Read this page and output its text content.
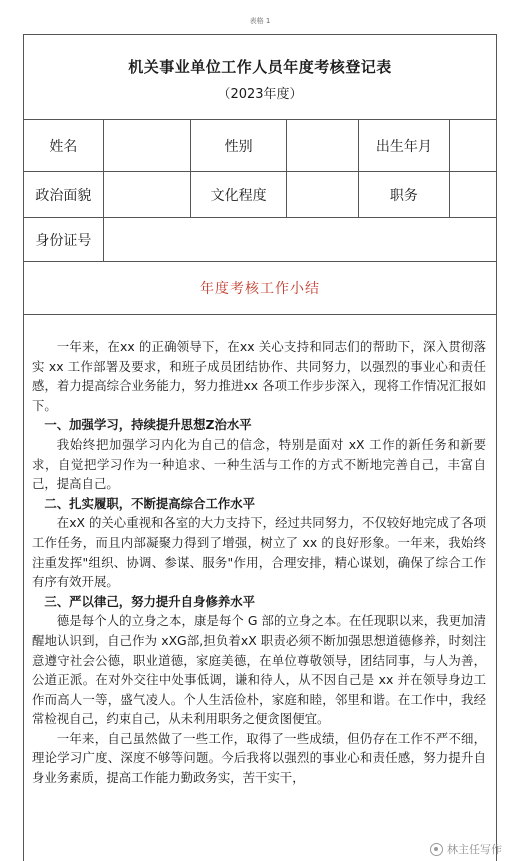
表格 1
机关事业单位工作人员年度考核登记表
（2023年度）
姓名	性别	出生年月
政治面貌	文化程度	职务
身份证号
年度考核工作小结

一年来，在xx 的正确领导下，在xx 关心支持和同志们的帮助下，深入贯彻落实 xx 工作部署及要求，和班子成员团结协作、共同努力，以强烈的事业心和责任感，着力提高综合业务能力，努力推进xx 各项工作步步深入，现将工作情况汇报如下。

一、加强学习，持续提升思想Z治水平

我始终把加强学习内化为自己的信念，特别是面对 xX 工作的新任务和新要求，自觉把学习作为一种追求、一种生活与工作的方式不断地完善自己，丰富自己，提高自己。

二、扎实履职，不断提高综合工作水平

在xX 的关心重视和各室的大力支持下，经过共同努力，不仅较好地完成了各项工作任务，而且内部凝聚力得到了增强，树立了 xx 的良好形象。一年来，我始终注重发挥"组织、协调、参谋、服务"作用，合理安排，精心谋划，确保了综合工作有序有效开展。

三、严以律己，努力提升自身修养水平

德是每个人的立身之本，康是每个 G 部的立身之本。在任现职以来，我更加清醒地认识到，自己作为 xXG部,担负着xX 职责必须不断加强思想道德修养，时刻注意遵守社会公德，职业道德，家庭美德，在单位尊敬领导，团结同事，与人为善，公道正派。在对外交往中处事低调，谦和待人，从不因自己是 xx 并在领导身边工作而高人一等，盛气凌人。个人生活俭朴，家庭和睦，邻里和谐。在工作中，我经常检视自己，约束自己，从未利用职务之便贪图便宜。

一年来，自己虽然做了一些工作，取得了一些成绩，但仍存在工作不严不细，理论学习广度、深度不够等问题。今后我将以强烈的事业心和责任感，努力提升自身业务素质，提高工作能力勤政务实，苦干实干，

林主任写作
